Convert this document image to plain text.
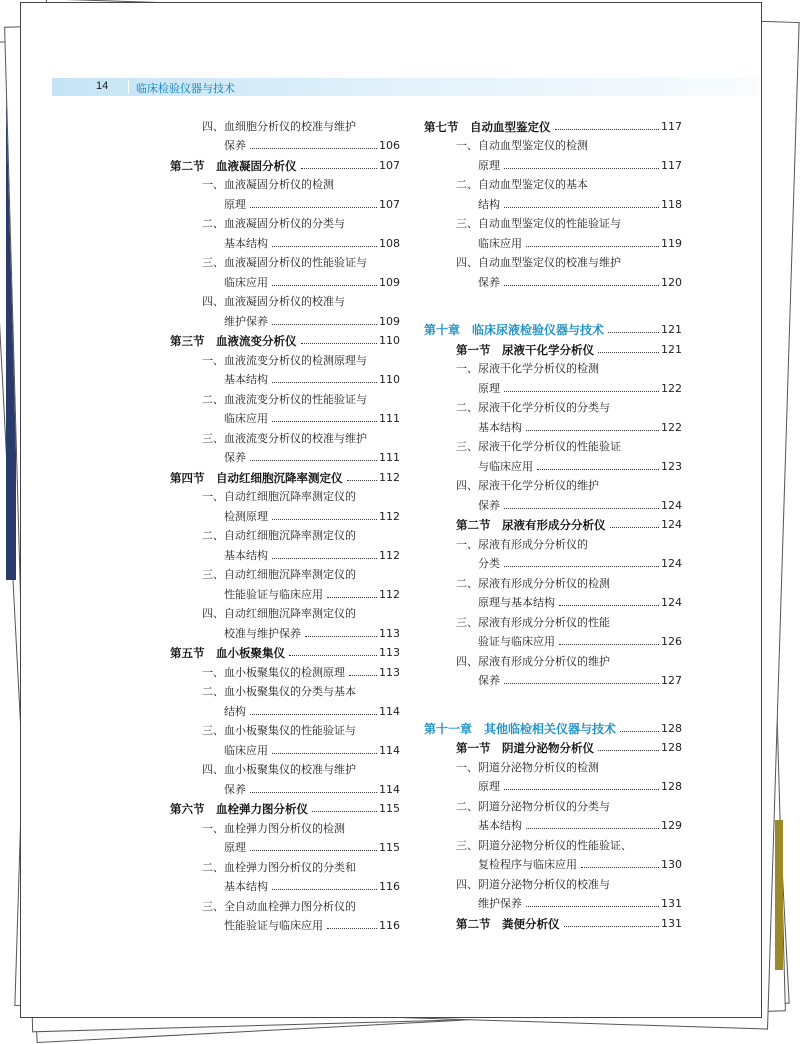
14	临床检验仪器与技术
四、血细胞分析仪的校准与维护
保养	106
第二节　血液凝固分析仪	107
一、血液凝固分析仪的检测
原理	107
二、血液凝固分析仪的分类与
基本结构	108
三、血液凝固分析仪的性能验证与
临床应用	109
四、血液凝固分析仪的校准与
维护保养	109
第三节　血液流变分析仪	110
一、血液流变分析仪的检测原理与
基本结构	110
二、血液流变分析仪的性能验证与
临床应用	111
三、血液流变分析仪的校准与维护
保养	111
第四节　自动红细胞沉降率测定仪	112
一、自动红细胞沉降率测定仪的
检测原理	112
二、自动红细胞沉降率测定仪的
基本结构	112
三、自动红细胞沉降率测定仪的
性能验证与临床应用	112
四、自动红细胞沉降率测定仪的
校准与维护保养	113
第五节　血小板聚集仪	113
一、血小板聚集仪的检测原理	113
二、血小板聚集仪的分类与基本
结构	114
三、血小板聚集仪的性能验证与
临床应用	114
四、血小板聚集仪的校准与维护
保养	114
第六节　血栓弹力图分析仪	115
一、血栓弹力图分析仪的检测
原理	115
二、血栓弹力图分析仪的分类和
基本结构	116
三、全自动血栓弹力图分析仪的
性能验证与临床应用	116
第七节　自动血型鉴定仪	117
一、自动血型鉴定仪的检测
原理	117
二、自动血型鉴定仪的基本
结构	118
三、自动血型鉴定仪的性能验证与
临床应用	119
四、自动血型鉴定仪的校准与维护
保养	120
第十章　临床尿液检验仪器与技术	121
第一节　尿液干化学分析仪	121
一、尿液干化学分析仪的检测
原理	122
二、尿液干化学分析仪的分类与
基本结构	122
三、尿液干化学分析仪的性能验证
与临床应用	123
四、尿液干化学分析仪的维护
保养	124
第二节　尿液有形成分分析仪	124
一、尿液有形成分分析仪的
分类	124
二、尿液有形成分分析仪的检测
原理与基本结构	124
三、尿液有形成分分析仪的性能
验证与临床应用	126
四、尿液有形成分分析仪的维护
保养	127
第十一章　其他临检相关仪器与技术	128
第一节　阴道分泌物分析仪	128
一、阴道分泌物分析仪的检测
原理	128
二、阴道分泌物分析仪的分类与
基本结构	129
三、阴道分泌物分析仪的性能验证、
复检程序与临床应用	130
四、阴道分泌物分析仪的校准与
维护保养	131
第二节　粪便分析仪	131
